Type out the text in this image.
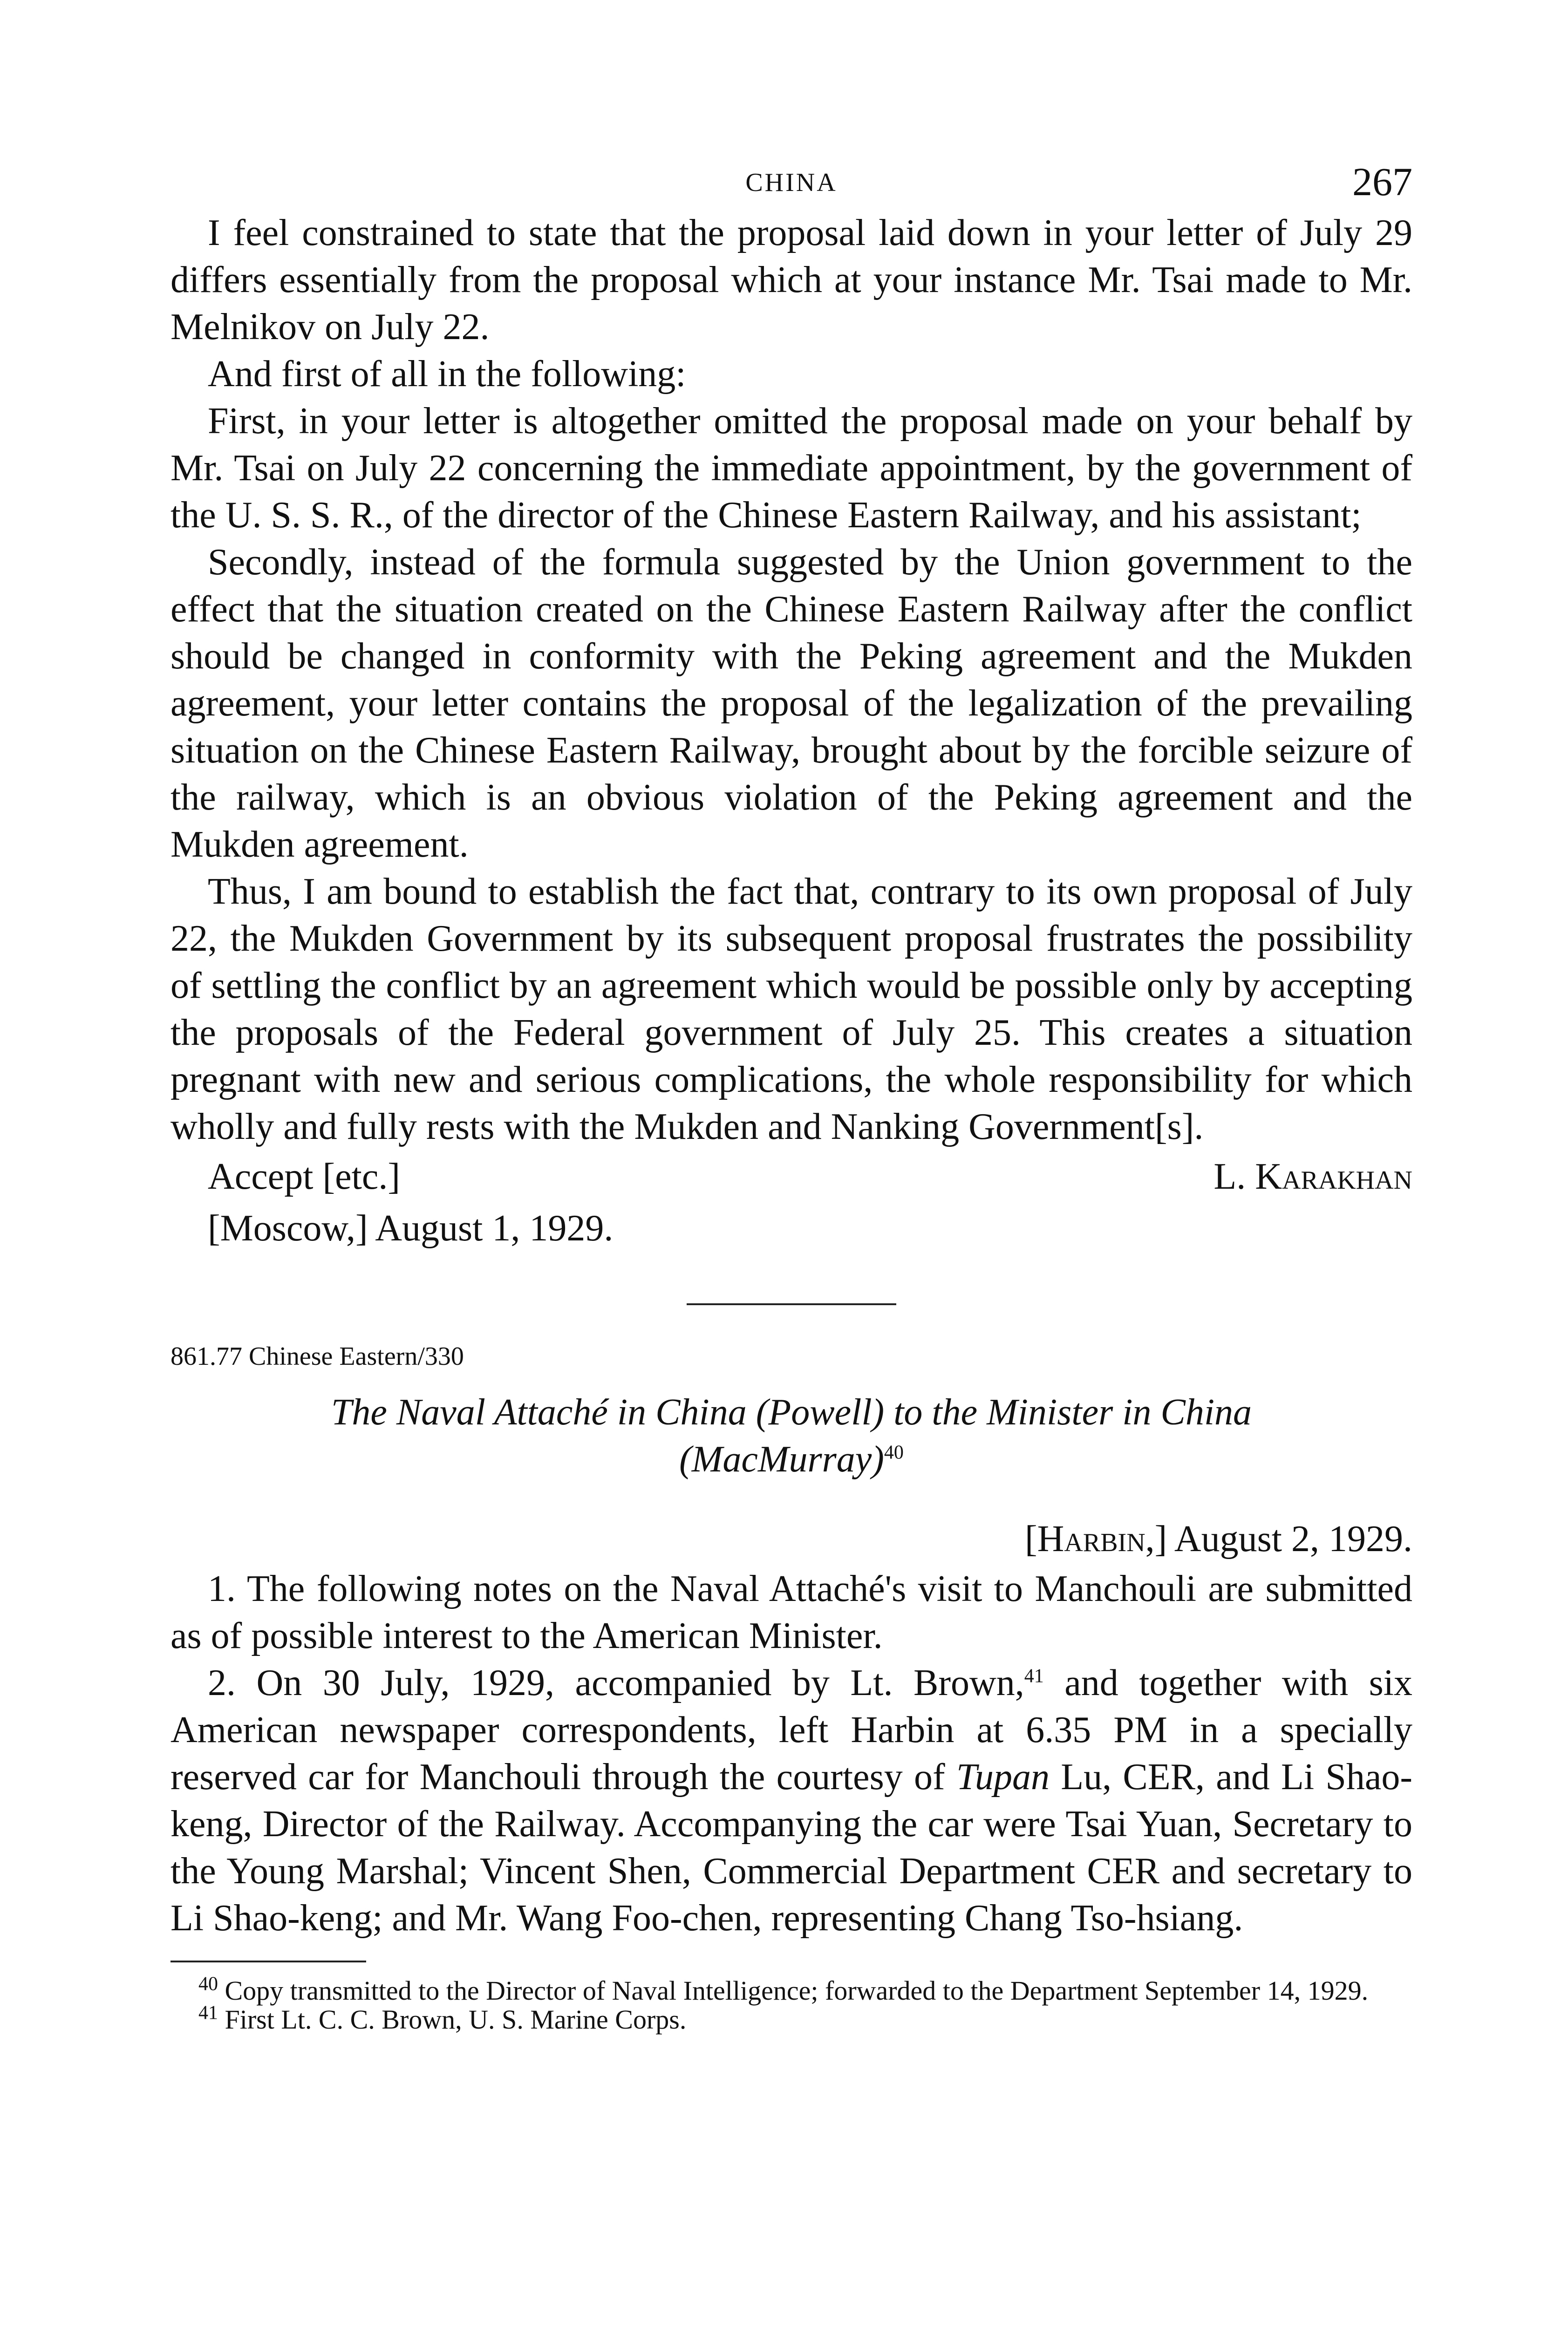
CHINA	267

I feel constrained to state that the proposal laid down in your letter of July 29 differs essentially from the proposal which at your instance Mr. Tsai made to Mr. Melnikov on July 22.

And first of all in the following:

First, in your letter is altogether omitted the proposal made on your behalf by Mr. Tsai on July 22 concerning the immediate appointment, by the government of the U. S. S. R., of the director of the Chinese Eastern Railway, and his assistant;

Secondly, instead of the formula suggested by the Union government to the effect that the situation created on the Chinese Eastern Railway after the conflict should be changed in conformity with the Peking agreement and the Mukden agreement, your letter contains the proposal of the legalization of the prevailing situation on the Chinese Eastern Railway, brought about by the forcible seizure of the railway, which is an obvious violation of the Peking agreement and the Mukden agreement.

Thus, I am bound to establish the fact that, contrary to its own proposal of July 22, the Mukden Government by its subsequent proposal frustrates the possibility of settling the conflict by an agreement which would be possible only by accepting the proposals of the Federal government of July 25. This creates a situation pregnant with new and serious complications, the whole responsibility for which wholly and fully rests with the Mukden and Nanking Government[s].

Accept [etc.]	L. Karakhan
[Moscow,] August 1, 1929.
861.77 Chinese Eastern/330
The Naval Attaché in China (Powell) to the Minister in China
(MacMurray)$^{40}$
[Harbin,] August 2, 1929.

1. The following notes on the Naval Attaché's visit to Manchouli are submitted as of possible interest to the American Minister.

2. On 30 July, 1929, accompanied by Lt. Brown,$^{41}$ and together with six American newspaper correspondents, left Harbin at 6.35 PM in a specially reserved car for Manchouli through the courtesy of Tupan Lu, CER, and Li Shao-keng, Director of the Railway. Accompanying the car were Tsai Yuan, Secretary to the Young Marshal; Vincent Shen, Commercial Department CER and secretary to Li Shao-keng; and Mr. Wang Foo-chen, representing Chang Tso-hsiang.

$^{40}$ Copy transmitted to the Director of Naval Intelligence; forwarded to the Department September 14, 1929.
$^{41}$ First Lt. C. C. Brown, U. S. Marine Corps.
